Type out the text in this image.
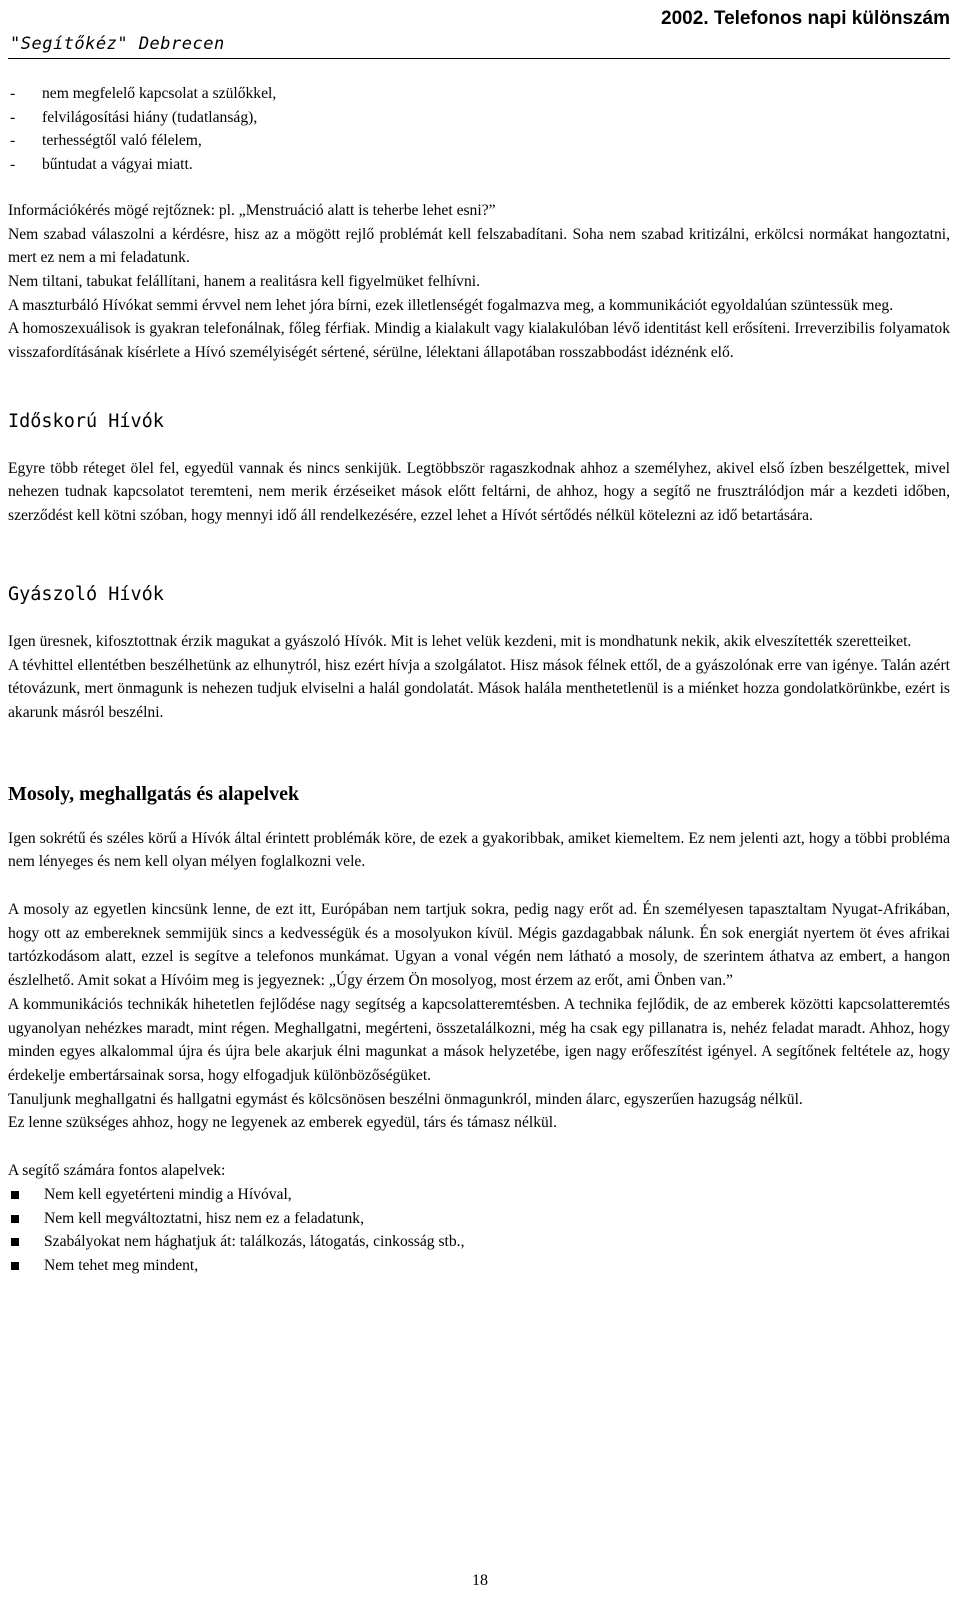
"Segítőkéz" Debrecen
2002. Telefonos napi különszám
- nem megfelelő kapcsolat a szülőkkel,
- felvilágosítási hiány (tudatlanság),
- terhességtől való félelem,
- bűntudat a vágyai miatt.

Információkérés mögé rejtőznek: pl. „Menstruáció alatt is teherbe lehet esni?”

Nem szabad válaszolni a kérdésre, hisz az a mögött rejlő problémát kell felszabadítani. Soha nem szabad kritizálni, erkölcsi normákat hangoztatni, mert ez nem a mi feladatunk.

Nem tiltani, tabukat felállítani, hanem a realitásra kell figyelmüket felhívni.

A maszturbáló Hívókat semmi érvvel nem lehet jóra bírni, ezek illetlenségét fogalmazva meg, a kommunikációt egyoldalúan szüntessük meg.

A homoszexuálisok is gyakran telefonálnak, főleg férfiak. Mindig a kialakult vagy kialakulóban lévő identitást kell erősíteni. Irreverzibilis folyamatok visszafordításának kísérlete a Hívó személyiségét sértené, sérülne, lélektani állapotában rosszabbodást idéznénk elő.

Időskorú Hívók

Egyre több réteget ölel fel, egyedül vannak és nincs senkijük. Legtöbbször ragaszkodnak ahhoz a személyhez, akivel első ízben beszélgettek, mivel nehezen tudnak kapcsolatot teremteni, nem merik érzéseiket mások előtt feltárni, de ahhoz, hogy a segítő ne frusztrálódjon már a kezdeti időben, szerződést kell kötni szóban, hogy mennyi idő áll rendelkezésére, ezzel lehet a Hívót sértődés nélkül kötelezni az idő betartására.

Gyászoló Hívók

Igen üresnek, kifosztottnak érzik magukat a gyászoló Hívók. Mit is lehet velük kezdeni, mit is mondhatunk nekik, akik elveszítették szeretteiket.

A tévhittel ellentétben beszélhetünk az elhunytról, hisz ezért hívja a szolgálatot. Hisz mások félnek ettől, de a gyászolónak erre van igénye. Talán azért tétovázunk, mert önmagunk is nehezen tudjuk elviselni a halál gondolatát. Mások halála menthetetlenül is a miénket hozza gondolatkörünkbe, ezért is akarunk másról beszélni.

Mosoly, meghallgatás és alapelvek

Igen sokrétű és széles körű a Hívók által érintett problémák köre, de ezek a gyakoribbak, amiket kiemeltem. Ez nem jelenti azt, hogy a többi probléma nem lényeges és nem kell olyan mélyen foglalkozni vele.

A mosoly az egyetlen kincsünk lenne, de ezt itt, Európában nem tartjuk sokra, pedig nagy erőt ad. Én személyesen tapasztaltam Nyugat-Afrikában, hogy ott az embereknek semmijük sincs a kedvességük és a mosolyukon kívül. Mégis gazdagabbak nálunk. Én sok energiát nyertem öt éves afrikai tartózkodásom alatt, ezzel is segítve a telefonos munkámat. Ugyan a vonal végén nem látható a mosoly, de szerintem áthatva az embert, a hangon észlelhető. Amit sokat a Hívóim meg is jegyeznek: „Úgy érzem Ön mosolyog, most érzem az erőt, ami Önben van.”

A kommunikációs technikák hihetetlen fejlődése nagy segítség a kapcsolatteremtésben. A technika fejlődik, de az emberek közötti kapcsolatteremtés ugyanolyan nehézkes maradt, mint régen. Meghallgatni, megérteni, összetalálkozni, még ha csak egy pillanatra is, nehéz feladat maradt. Ahhoz, hogy minden egyes alkalommal újra és újra bele akarjuk élni magunkat a mások helyzetébe, igen nagy erőfeszítést igényel. A segítőnek feltétele az, hogy érdekelje embertársainak sorsa, hogy elfogadjuk különbözőségüket.

Tanuljunk meghallgatni és hallgatni egymást és kölcsönösen beszélni önmagunkról, minden álarc, egyszerűen hazugság nélkül.

Ez lenne szükséges ahhoz, hogy ne legyenek az emberek egyedül, társ és támasz nélkül.

A segítő számára fontos alapelvek:

Nem kell egyetérteni mindig a Hívóval,
Nem kell megváltoztatni, hisz nem ez a feladatunk,
Szabályokat nem hághatjuk át: találkozás, látogatás, cinkosság stb.,
Nem tehet meg mindent,
18
